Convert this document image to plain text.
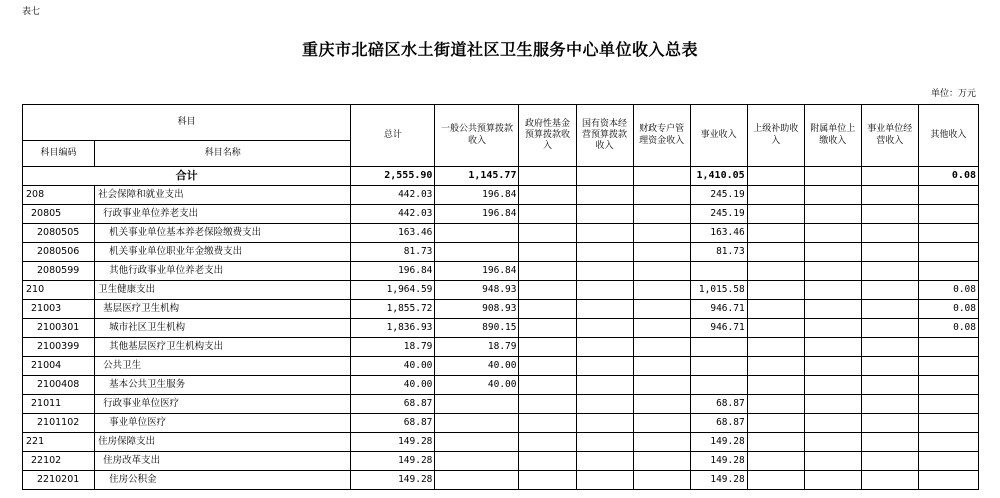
表七
重庆市北碚区水土街道社区卫生服务中心单位收入总表
单位：万元
科目		总计	一般公共预算拨款收入	政府性基金预算拨款收入	国有资本经营预算拨款收入	财政专户管理资金收入	事业收入	上级补助收入	附属单位上缴收入	事业单位经营收入	其他收入
科目编码	科目名称										
合计		2,555.90	1,145.77				1,410.05				0.08
208	社会保障和就业支出	442.03	196.84				245.19				
20805	行政事业单位养老支出	442.03	196.84				245.19				
2080505	机关事业单位基本养老保险缴费支出	163.46					163.46				
2080506	机关事业单位职业年金缴费支出	81.73					81.73				
2080599	其他行政事业单位养老支出	196.84	196.84								
210	卫生健康支出	1,964.59	948.93				1,015.58				0.08
21003	基层医疗卫生机构	1,855.72	908.93				946.71				0.08
2100301	城市社区卫生机构	1,836.93	890.15				946.71				0.08
2100399	其他基层医疗卫生机构支出	18.79	18.79								
21004	公共卫生	40.00	40.00								
2100408	基本公共卫生服务	40.00	40.00								
21011	行政事业单位医疗	68.87					68.87				
2101102	事业单位医疗	68.87					68.87				
221	住房保障支出	149.28					149.28				
22102	住房改革支出	149.28					149.28				
2210201	住房公积金	149.28					149.28				
